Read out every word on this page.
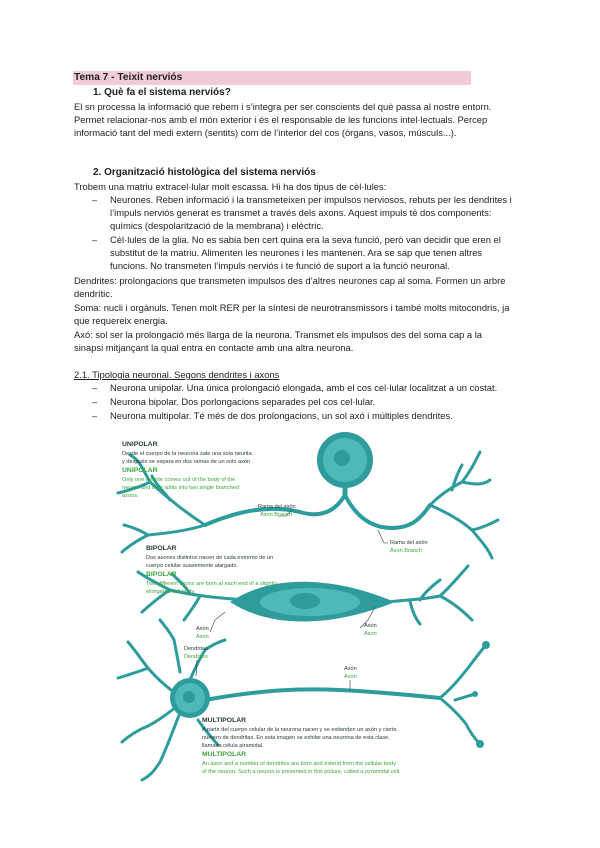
Tema 7 - Teixit nerviós
1. Què fa el sistema nerviós?
El sn processa la informació que rebem i s’integra per ser conscients del què passa al nostre entorn.
Permet relacionar-nos amb el món exterior i és el responsable de les funcions intel·lectuals. Percep
informació tant del medi extern (sentits) com de l’interior del cos (òrgans, vasos, músculs...).
2. Organització histològica del sistema nerviós
Trobem una matriu extracel·lular molt escassa. Hi ha dos tipus de cèl·lules:
– Neurones. Reben informació i la transmeteixen per impulsos nerviosos, rebuts per les dendrites i
l’impuls nerviós generat es transmet a través dels axons. Aquest impuls té dos components:
químics (despolarització de la membrana) i elèctric.
– Cèl·lules de la glia. No es sabia ben cert quina era la seva funció, però van decidir que eren el
substitut de la matriu. Alimenten les neurones i les mantenen. Ara se sap que tenen altres
funcions. No transmeten l’impuls nerviós i te funció de suport a la funció neuronal.
Dendrites: prolongacions que transmeten impulsos des d’altres neurones cap al soma. Formen un arbre
dendrític.
Soma: nucli i orgànuls. Tenen molt RER per la síntesi de neurotransmissors i també molts mitocondris, ja
que requereix energia.
Axó: sol ser la prolongació més llarga de la neurona. Transmet els impulsos des del soma cap a la
sinapsi mitjançant la qual entra en contacte amb una altra neurona.
2.1. Tipologia neuronal. Segons dendrites i axons
– Neurona unipolar. Una única prolongació elongada, amb el cos cel·lular localitzat a un costat.
– Neurona bipolar. Dos porlongacions separades pel cos cel·lular.
– Neurona multipolar. Té més de dos prolongacions, un sol axó i múltiples dendrites.
UNIPOLAR
Desde el cuerpo de la neurona sale una sola neurita
y después se separa en dos ramas de un solo axón
UNIPOLAR
Only one neurite comes out of the body of the
neuron and then splits into two single branched
axons.
Rama del axón
Axon Branch
Rama del axón
Axon Branch
BIPOLAR
Dos axones distintos nacen de cada extremo de un
cuerpo celular suavemente alargado.
BIPOLAR
Two different axons are born at each end of a slightly
elongated cell body.
Axón
Axon
Axón
Axon
Dendritas
Dendrites
Axón
Axon
MULTIPOLAR
A partir del cuerpo celular de la neurona nacen y se extienden un axón y cierto
número de dendritas. En esta imagen se exhibe una neurona de esta clase,
llamada célula piramidal.
MULTIPOLAR
An axon and a number of dendrites are born and extend from the cellular body
of the neuron. Such a neuron is presented in this picture, called a pyramidal cell.
